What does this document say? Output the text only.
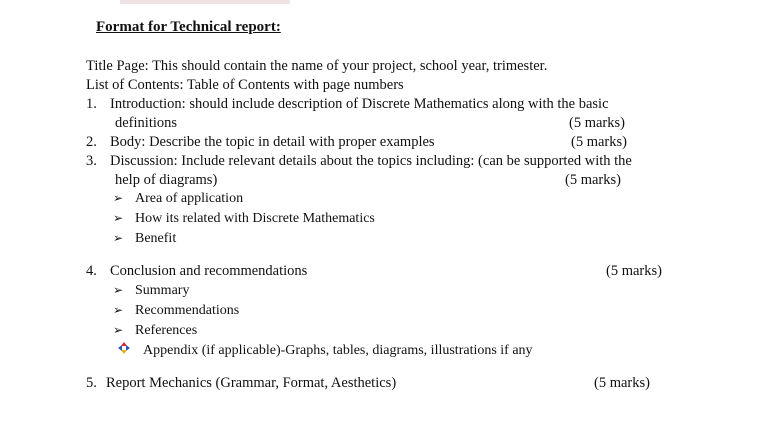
Format for Technical report:
Title Page: This should contain the name of your project, school year, trimester.
List of Contents: Table of Contents with page numbers
1. Introduction: should include description of Discrete Mathematics along with the basic
definitions	(5 marks)
2. Body: Describe the topic in detail with proper examples	(5 marks)
3. Discussion: Include relevant details about the topics including: (can be supported with the
help of diagrams)	(5 marks)
➢ Area of application
➢ How its related with Discrete Mathematics
➢ Benefit
4. Conclusion and recommendations	(5 marks)
➢ Summary
➢ Recommendations
➢ References
Appendix (if applicable)-Graphs, tables, diagrams, illustrations if any
5. Report Mechanics (Grammar, Format, Aesthetics)	(5 marks)
